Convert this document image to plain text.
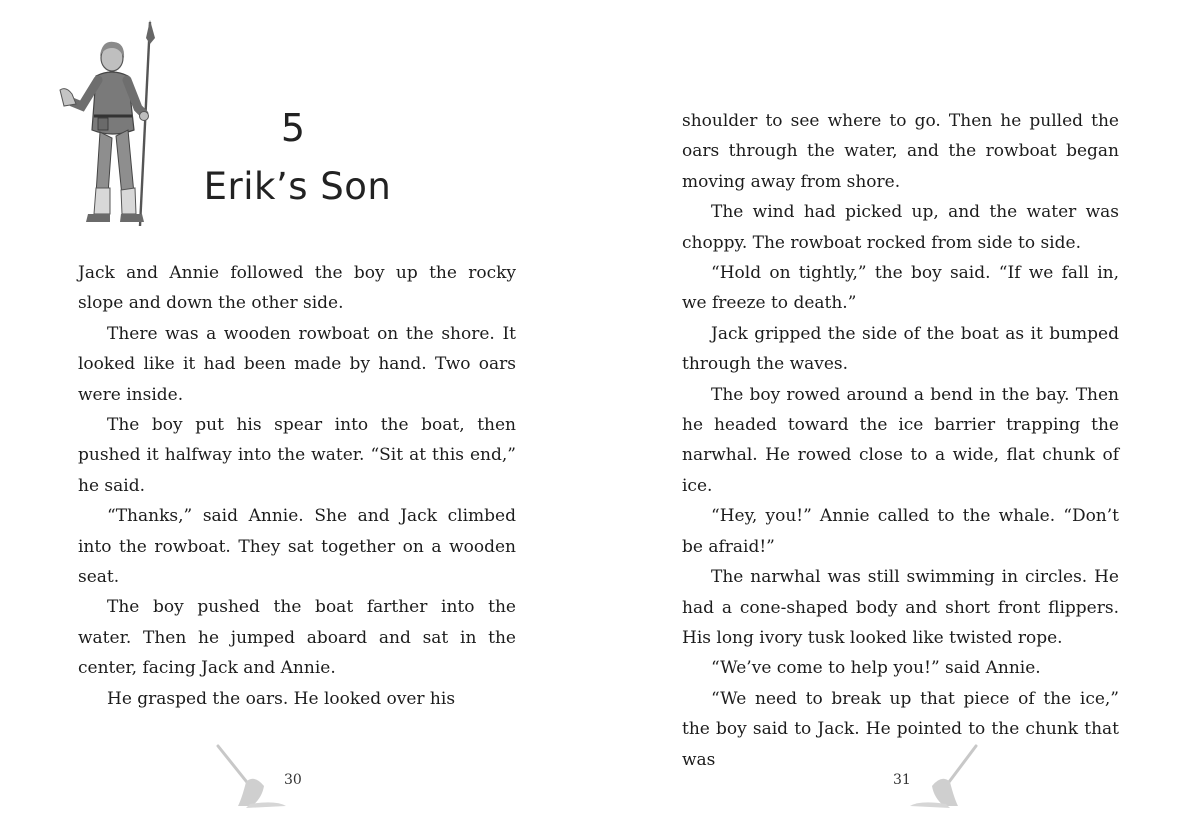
5
Erik’s Son

Jack and Annie followed the boy up the rocky slope and down the other side.

There was a wooden rowboat on the shore. It looked like it had been made by hand. Two oars were inside.

The boy put his spear into the boat, then pushed it halfway into the water. “Sit at this end,” he said.

“Thanks,” said Annie. She and Jack climbed into the rowboat. They sat together on a wooden seat.

The boy pushed the boat farther into the water. Then he jumped aboard and sat in the center, facing Jack and Annie.

He grasped the oars. He looked over his

30

shoulder to see where to go. Then he pulled the oars through the water, and the rowboat began moving away from shore.

The wind had picked up, and the water was choppy. The rowboat rocked from side to side.

“Hold on tightly,” the boy said. “If we fall in, we freeze to death.”

Jack gripped the side of the boat as it bumped through the waves.

The boy rowed around a bend in the bay. Then he headed toward the ice barrier trapping the narwhal. He rowed close to a wide, flat chunk of ice.

“Hey, you!” Annie called to the whale. “Don’t be afraid!”

The narwhal was still swimming in circles. He had a cone-shaped body and short front flippers. His long ivory tusk looked like twisted rope.

“We’ve come to help you!” said Annie.

“We need to break up that piece of the ice,” the boy said to Jack. He pointed to the chunk that was

31
